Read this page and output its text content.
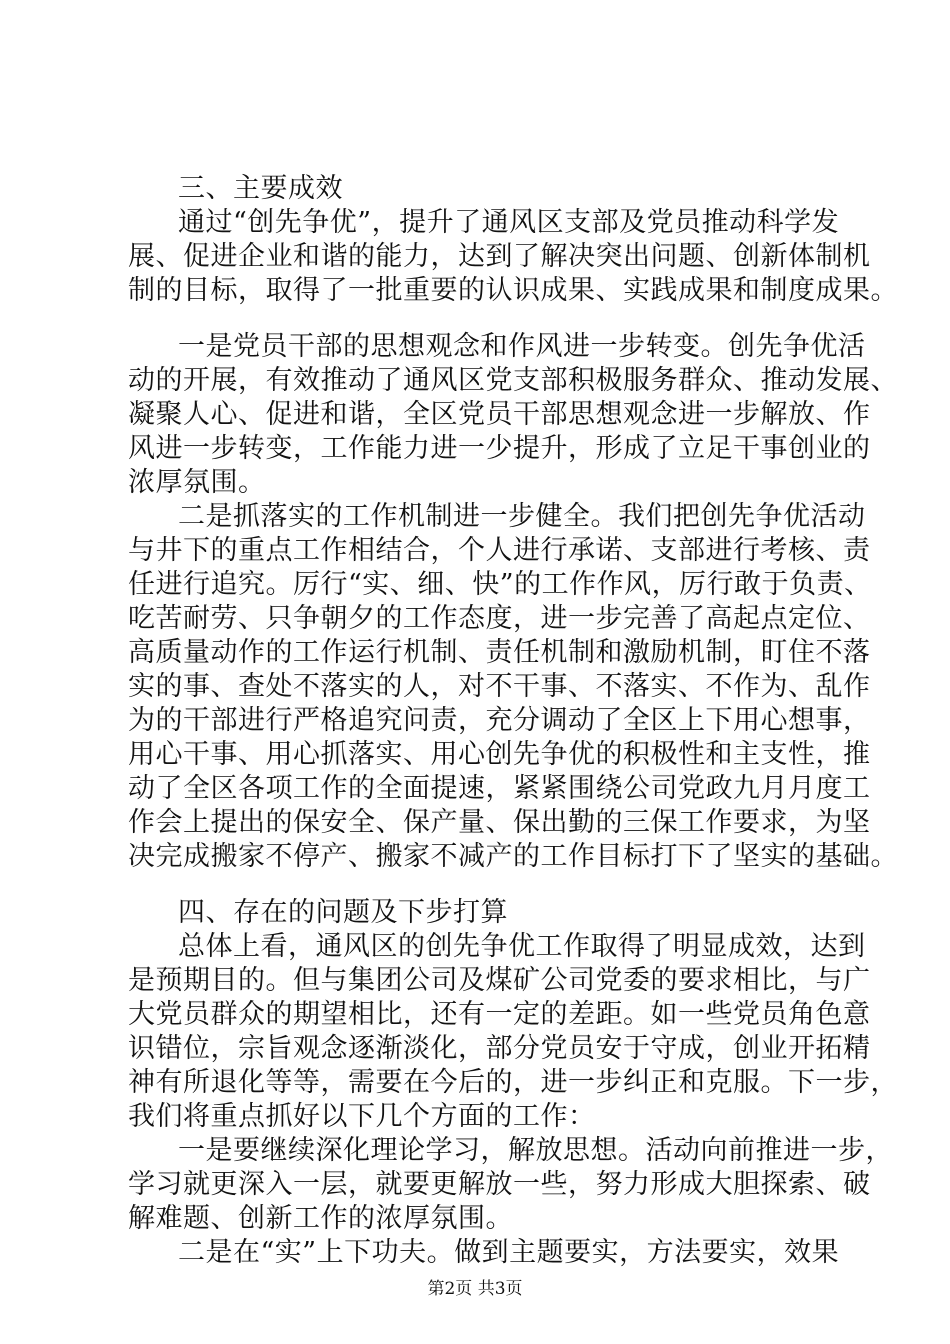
三、主要成效
通过“创先争优”，提升了通风区支部及党员推动科学发
展、促进企业和谐的能力，达到了解决突出问题、创新体制机
制的目标，取得了一批重要的认识成果、实践成果和制度成果。
一是党员干部的思想观念和作风进一步转变。创先争优活
动的开展，有效推动了通风区党支部积极服务群众、推动发展、
凝聚人心、促进和谐，全区党员干部思想观念进一步解放、作
风进一步转变，工作能力进一少提升，形成了立足干事创业的
浓厚氛围。
二是抓落实的工作机制进一步健全。我们把创先争优活动
与井下的重点工作相结合，个人进行承诺、支部进行考核、责
任进行追究。厉行“实、细、快”的工作作风，厉行敢于负责、
吃苦耐劳、只争朝夕的工作态度，进一步完善了高起点定位、
高质量动作的工作运行机制、责任机制和激励机制，盯住不落
实的事、查处不落实的人，对不干事、不落实、不作为、乱作
为的干部进行严格追究问责，充分调动了全区上下用心想事，
用心干事、用心抓落实、用心创先争优的积极性和主支性，推
动了全区各项工作的全面提速，紧紧围绕公司党政九月月度工
作会上提出的保安全、保产量、保出勤的三保工作要求，为坚
决完成搬家不停产、搬家不减产的工作目标打下了坚实的基础。
四、存在的问题及下步打算
总体上看，通风区的创先争优工作取得了明显成效，达到
是预期目的。但与集团公司及煤矿公司党委的要求相比，与广
大党员群众的期望相比，还有一定的差距。如一些党员角色意
识错位，宗旨观念逐渐淡化，部分党员安于守成，创业开拓精
神有所退化等等，需要在今后的，进一步纠正和克服。下一步，
我们将重点抓好以下几个方面的工作：
一是要继续深化理论学习，解放思想。活动向前推进一步，
学习就更深入一层，就要更解放一些，努力形成大胆探索、破
解难题、创新工作的浓厚氛围。
二是在“实”上下功夫。做到主题要实，方法要实，效果
第2页 共3页
